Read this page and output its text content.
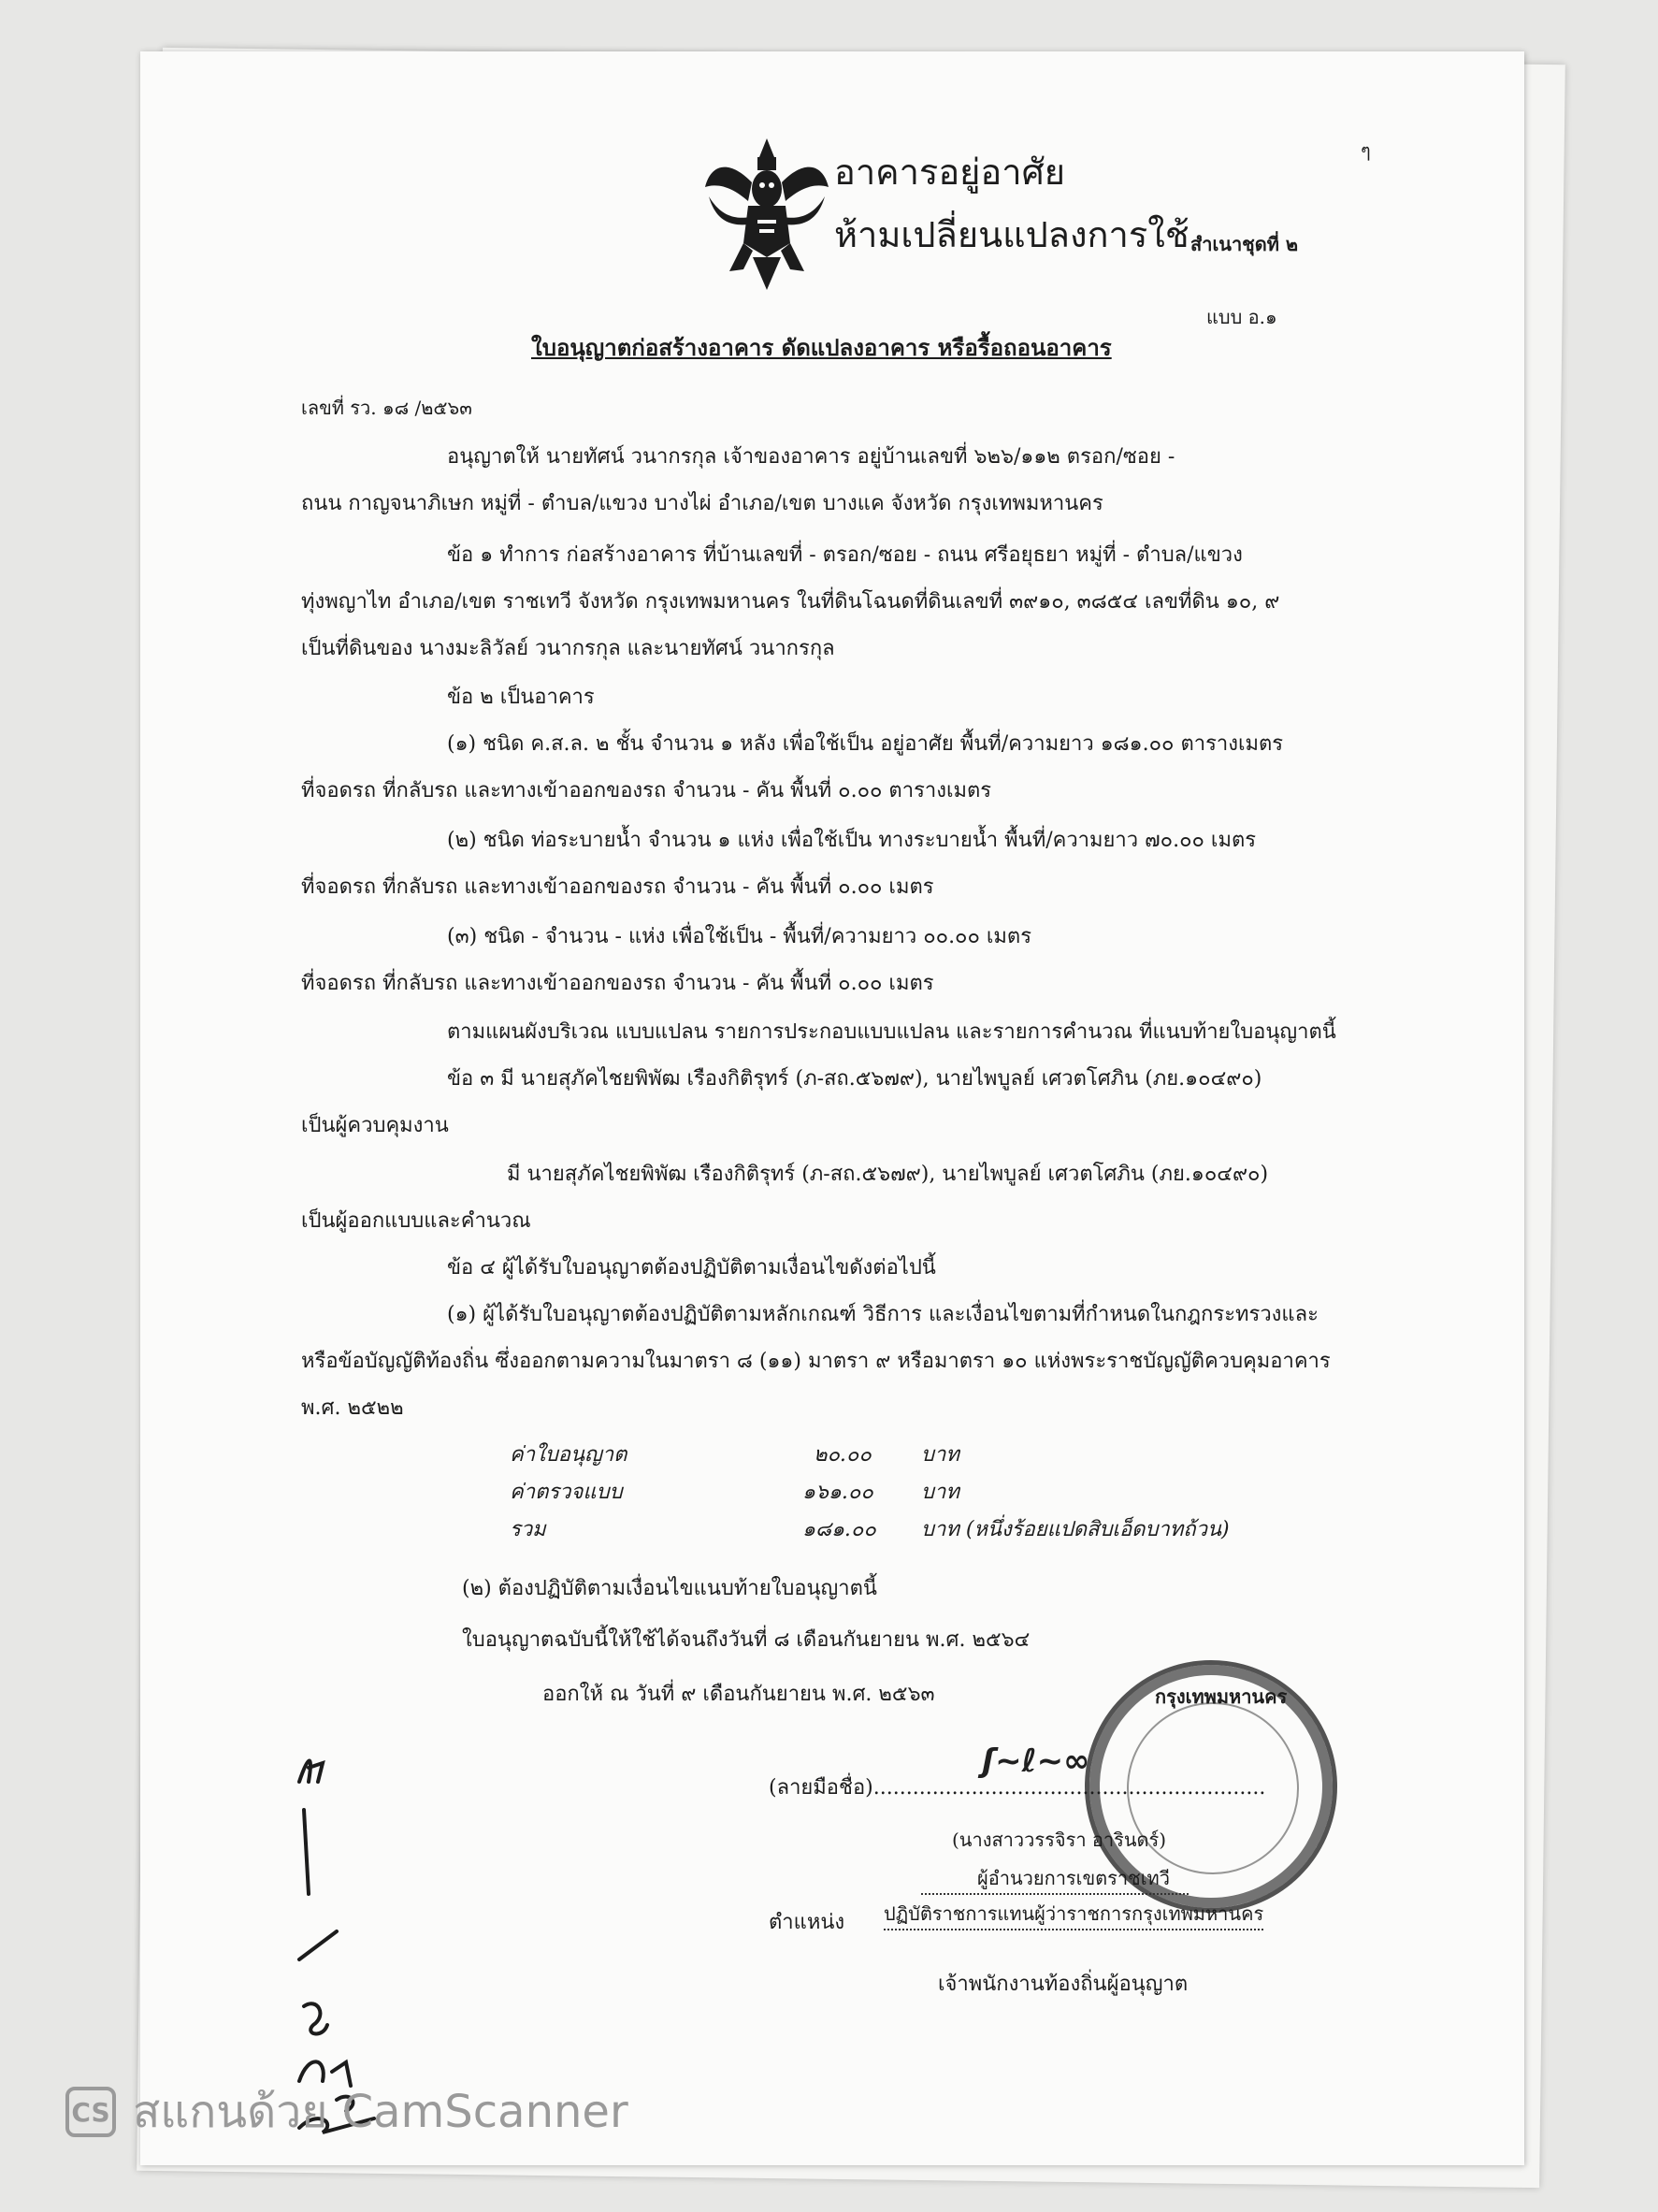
อาคารอยู่อาศัย
ห้ามเปลี่ยนแปลงการใช้ สำเนาชุดที่ ๒
แบบ อ.๑
ๆ
ใบอนุญาตก่อสร้างอาคาร ดัดแปลงอาคาร หรือรื้อถอนอาคาร
เลขที่ รว. ๑๘ /๒๕๖๓
อนุญาตให้ นายทัศน์ วนากรกุล เจ้าของอาคาร อยู่บ้านเลขที่ ๖๒๖/๑๑๒ ตรอก/ซอย -
ถนน กาญจนาภิเษก หมู่ที่ - ตำบล/แขวง บางไผ่ อำเภอ/เขต บางแค จังหวัด กรุงเทพมหานคร
ข้อ ๑ ทำการ ก่อสร้างอาคาร ที่บ้านเลขที่ - ตรอก/ซอย - ถนน ศรีอยุธยา หมู่ที่ - ตำบล/แขวง
ทุ่งพญาไท อำเภอ/เขต ราชเทวี จังหวัด กรุงเทพมหานคร ในที่ดินโฉนดที่ดินเลขที่ ๓๙๑๐, ๓๘๕๔ เลขที่ดิน ๑๐, ๙
เป็นที่ดินของ นางมะลิวัลย์ วนากรกุล และนายทัศน์ วนากรกุล
ข้อ ๒ เป็นอาคาร
(๑) ชนิด ค.ส.ล. ๒ ชั้น จำนวน ๑ หลัง เพื่อใช้เป็น อยู่อาศัย พื้นที่/ความยาว ๑๘๑.๐๐ ตารางเมตร
ที่จอดรถ ที่กลับรถ และทางเข้าออกของรถ จำนวน - คัน พื้นที่ ๐.๐๐ ตารางเมตร
(๒) ชนิด ท่อระบายน้ำ จำนวน ๑ แห่ง เพื่อใช้เป็น ทางระบายน้ำ พื้นที่/ความยาว ๗๐.๐๐ เมตร
ที่จอดรถ ที่กลับรถ และทางเข้าออกของรถ จำนวน - คัน พื้นที่ ๐.๐๐ เมตร
(๓) ชนิด - จำนวน - แห่ง เพื่อใช้เป็น - พื้นที่/ความยาว ๐๐.๐๐ เมตร
ที่จอดรถ ที่กลับรถ และทางเข้าออกของรถ จำนวน - คัน พื้นที่ ๐.๐๐ เมตร
ตามแผนผังบริเวณ แบบแปลน รายการประกอบแบบแปลน และรายการคำนวณ ที่แนบท้ายใบอนุญาตนี้
ข้อ ๓ มี นายสุภัคไชยพิพัฒ เรืองกิติรุทร์ (ภ-สถ.๕๖๗๙), นายไพบูลย์ เศวตโศภิน (ภย.๑๐๔๙๐)
เป็นผู้ควบคุมงาน
มี นายสุภัคไชยพิพัฒ เรืองกิติรุทร์ (ภ-สถ.๕๖๗๙), นายไพบูลย์ เศวตโศภิน (ภย.๑๐๔๙๐)
เป็นผู้ออกแบบและคำนวณ
ข้อ ๔ ผู้ได้รับใบอนุญาตต้องปฏิบัติตามเงื่อนไขดังต่อไปนี้
(๑) ผู้ได้รับใบอนุญาตต้องปฏิบัติตามหลักเกณฑ์ วิธีการ และเงื่อนไขตามที่กำหนดในกฎกระทรวงและ
หรือข้อบัญญัติท้องถิ่น ซึ่งออกตามความในมาตรา ๘ (๑๑) มาตรา ๙ หรือมาตรา ๑๐ แห่งพระราชบัญญัติควบคุมอาคาร
พ.ศ. ๒๕๒๒
ค่าใบอนุญาต	๒๐.๐๐ บาท
ค่าตรวจแบบ	๑๖๑.๐๐ บาท
รวม	๑๘๑.๐๐ บาท (หนึ่งร้อยแปดสิบเอ็ดบาทถ้วน)
(๒) ต้องปฏิบัติตามเงื่อนไขแนบท้ายใบอนุญาตนี้
ใบอนุญาตฉบับนี้ให้ใช้ได้จนถึงวันที่ ๘ เดือนกันยายน พ.ศ. ๒๕๖๔
ออกให้ ณ วันที่ ๙ เดือนกันยายน พ.ศ. ๒๕๖๓	กรุงเทพมหานคร
ʃ︎~ℓ︎~∞︎
(ลายมือชื่อ)............................................................
(นางสาววรรจิรา อารินดร์)
ผู้อำนวยการเขตราชเทวี
ตำแหน่ง ปฏิบัติราชการแทนผู้ว่าราชการกรุงเทพมหานคร
เจ้าพนักงานท้องถิ่นผู้อนุญาต
CS สแกนด้วย CamScanner
